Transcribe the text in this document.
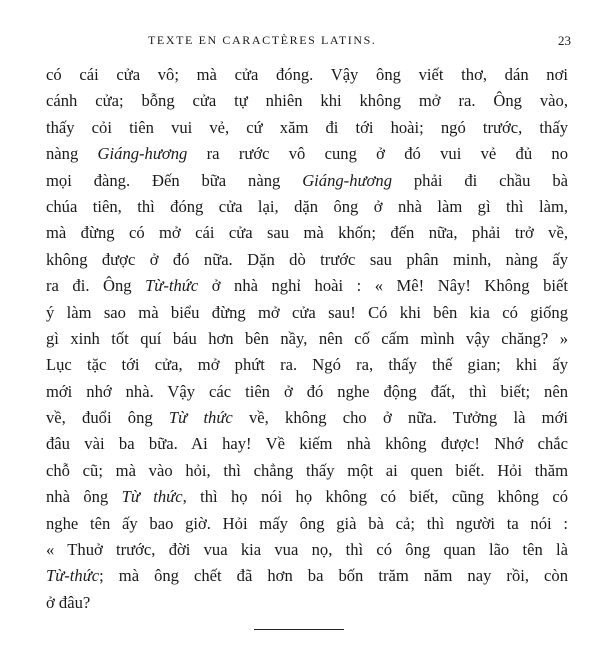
TEXTE EN CARACTÈRES LATINS.	23
có cái cửa vô; mà cửa đóng. Vậy ông viết thơ, dán nơi
cánh cửa; bỗng cửa tự nhiên khi không mở ra. Ông vào,
thấy cỏi tiên vui vẻ, cứ xăm đi tới hoài; ngó trước, thấy
nàng Giáng-hương ra rước vô cung ở đó vui vẻ đủ no
mọi đàng. Đến bữa nàng Giáng-hương phải đi chầu bà
chúa tiên, thì đóng cửa lại, dặn ông ở nhà làm gì thì làm,
mà đừng có mở cái cửa sau mà khốn; đến nữa, phải trở về,
không được ở đó nữa. Dặn dò trước sau phân minh, nàng ấy
ra đi. Ông Từ-thức ở nhà nghỉ hoài : « Mê! Nây! Không biết
ý làm sao mà biểu đừng mở cửa sau! Có khi bên kia có giống
gì xinh tốt quí báu hơn bên nầy, nên cố cấm mình vậy chăng? »
Lục tặc tới cửa, mở phứt ra. Ngó ra, thấy thế gian; khi ấy
mới nhớ nhà. Vậy các tiên ở đó nghe động đất, thì biết; nên
về, đuổi ông Từ thức về, không cho ở nữa. Tưởng là mới
đâu vài ba bữa. Ai hay! Về kiếm nhà không được! Nhớ chắc
chỗ cũ; mà vào hỏi, thì chẳng thấy một ai quen biết. Hỏi thăm
nhà ông Từ thức, thì họ nói họ không có biết, cũng không có
nghe tên ấy bao giờ. Hỏi mấy ông già bà cả; thì người ta nói :
« Thuở trước, đời vua kia vua nọ, thì có ông quan lão tên là
Từ-thức; mà ông chết đã hơn ba bốn trăm năm nay rồi, còn
ở đâu?
